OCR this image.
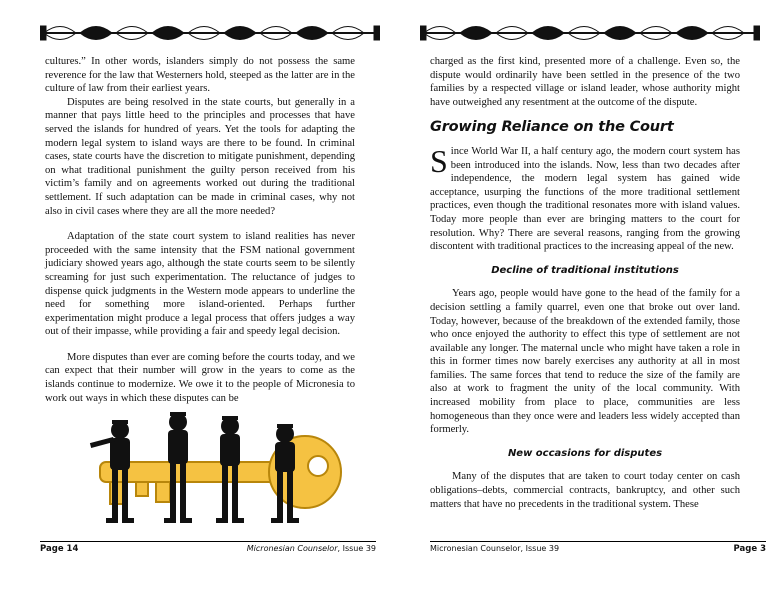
cultures.” In other words, islanders simply do not possess the same reverence for the law that Westerners hold, steeped as the latter are in the culture of law from their earliest years.

Disputes are being resolved in the state courts, but generally in a manner that pays little heed to the principles and processes that have served the islands for hundred of years. Yet the tools for adapting the modern legal system to island ways are there to be found. In criminal cases, state courts have the discretion to mitigate punishment, depending on what traditional punishment the guilty person received from his victim’s family and on agreements worked out during the traditional settlement. If such adaptation can be made in criminal cases, why not also in civil cases where they are all the more needed?

Adaptation of the state court system to island realities has never proceeded with the same intensity that the FSM national government judiciary showed years ago, although the state courts seem to be silently screaming for just such experimentation. The reluctance of judges to dispense quick judgments in the Western mode appears to underline the need for something more island-oriented. Perhaps further experimentation might produce a legal process that offers judges a way out of their impasse, while providing a fair and speedy legal decision.

More disputes than ever are coming before the courts today, and we can expect that their number will grow in the years to come as the islands continue to modernize. We owe it to the people of Micronesia to work out ways in which these disputes can be

Page 14	Micronesian Counselor, Issue 39

charged as the first kind, presented more of a challenge. Even so, the dispute would ordinarily have been settled in the presence of the two families by a respected village or island leader, whose authority might have outweighed any resentment at the outcome of the dispute.

Growing Reliance on the Court

Since World War II, a half century ago, the modern court system has been introduced into the islands. Now, less than two decades after independence, the modern legal system has gained wide acceptance, usurping the functions of the more traditional settlement practices, even though the traditional resonates more with island values. Today more people than ever are bringing matters to the court for resolution. Why? There are several reasons, ranging from the growing discontent with traditional practices to the increasing appeal of the new.

Decline of traditional institutions

Years ago, people would have gone to the head of the family for a decision settling a family quarrel, even one that broke out over land. Today, however, because of the breakdown of the extended family, those who once enjoyed the authority to effect this type of settlement are not available any longer. The maternal uncle who might have taken a role in this in former times now barely exercises any authority at all in most families. The same forces that tend to reduce the size of the family are also at work to fragment the unity of the local community. With increased mobility from place to place, communities are less homogeneous than they once were and leaders less widely accepted than formerly.

New occasions for disputes

Many of the disputes that are taken to court today center on cash obligations–debts, commercial contracts, bankruptcy, and other such matters that have no precedents in the traditional system. These

Micronesian Counselor, Issue 39	Page 3
